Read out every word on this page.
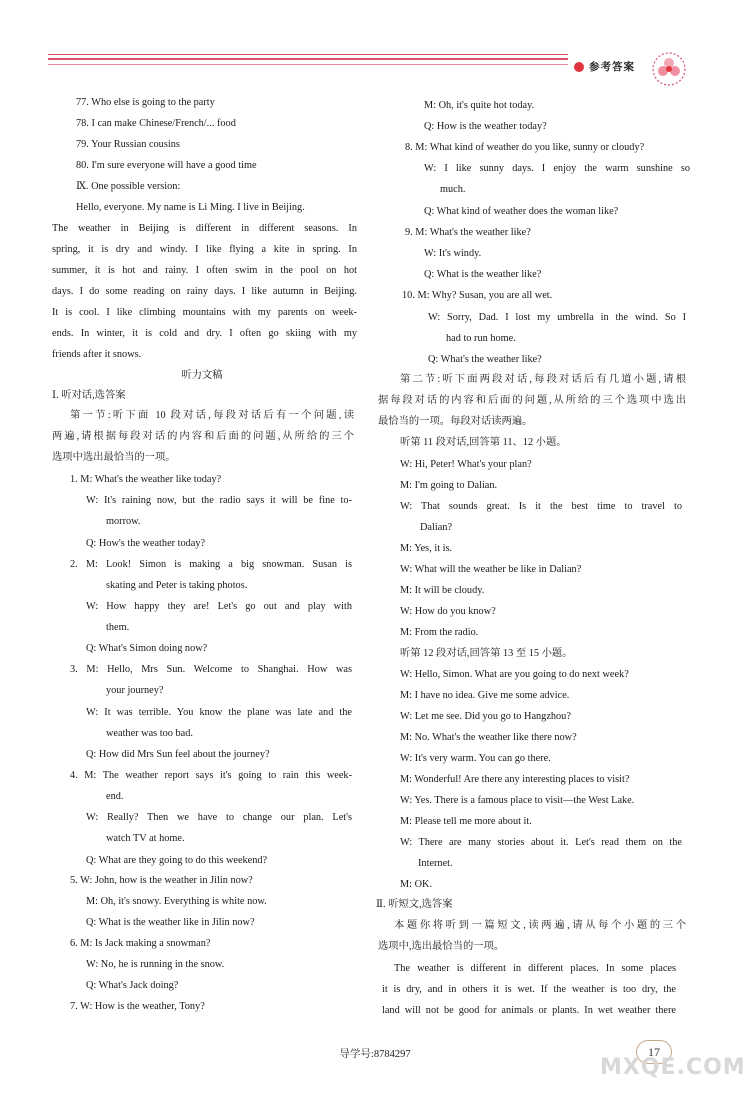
参考答案
77. Who else is going to the party
78. I can make Chinese/French/... food
79. Your Russian cousins
80. I'm sure everyone will have a good time
Ⅸ. One possible version:
Hello, everyone. My name is Li Ming. I live in Beijing.
The weather in Beijing is different in different seasons. In
spring, it is dry and windy. I like flying a kite in spring. In
summer, it is hot and rainy. I often swim in the pool on hot
days. I do some reading on rainy days. I like autumn in Beijing.
It is cool. I like climbing mountains with my parents on week-
ends. In winter, it is cold and dry. I often go skiing with my
friends after it snows.
听力文稿
Ⅰ. 听对话,选答案
第一节:听下面 10 段对话,每段对话后有一个问题,读
两遍,请根据每段对话的内容和后面的问题,从所给的三个
选项中选出最恰当的一项。
1. M: What's the weather like today?
W: It's raining now, but the radio says it will be fine to-
morrow.
Q: How's the weather today?
2. M: Look! Simon is making a big snowman. Susan is
skating and Peter is taking photos.
W: How happy they are! Let's go out and play with
them.
Q: What's Simon doing now?
3. M: Hello, Mrs Sun. Welcome to Shanghai. How was
your journey?
W: It was terrible. You know the plane was late and the
weather was too bad.
Q: How did Mrs Sun feel about the journey?
4. M: The weather report says it's going to rain this week-
end.
W: Really? Then we have to change our plan. Let's
watch TV at home.
Q: What are they going to do this weekend?
5. W: John, how is the weather in Jilin now?
M: Oh, it's snowy. Everything is white now.
Q: What is the weather like in Jilin now?
6. M: Is Jack making a snowman?
W: No, he is running in the snow.
Q: What's Jack doing?
7. W: How is the weather, Tony?
M: Oh, it's quite hot today.
Q: How is the weather today?
8. M: What kind of weather do you like, sunny or cloudy?
W: I like sunny days. I enjoy the warm sunshine so
much.
Q: What kind of weather does the woman like?
9. M: What's the weather like?
W: It's windy.
Q: What is the weather like?
10. M: Why? Susan, you are all wet.
W: Sorry, Dad. I lost my umbrella in the wind. So I
had to run home.
Q: What's the weather like?
第二节:听下面两段对话,每段对话后有几道小题,请根
据每段对话的内容和后面的问题,从所给的三个选项中选出
最恰当的一项。每段对话读两遍。
听第 11 段对话,回答第 11、12 小题。
W: Hi, Peter! What's your plan?
M: I'm going to Dalian.
W: That sounds great. Is it the best time to travel to
Dalian?
M: Yes, it is.
W: What will the weather be like in Dalian?
M: It will be cloudy.
W: How do you know?
M: From the radio.
听第 12 段对话,回答第 13 至 15 小题。
W: Hello, Simon. What are you going to do next week?
M: I have no idea. Give me some advice.
W: Let me see. Did you go to Hangzhou?
M: No. What's the weather like there now?
W: It's very warm. You can go there.
M: Wonderful! Are there any interesting places to visit?
W: Yes. There is a famous place to visit—the West Lake.
M: Please tell me more about it.
W: There are many stories about it. Let's read them on the
Internet.
M: OK.
Ⅱ. 听短文,选答案
本题你将听到一篇短文,读两遍,请从每个小题的三个
选项中,选出最恰当的一项。
The weather is different in different places. In some places
it is dry, and in others it is wet. If the weather is too dry, the
land will not be good for animals or plants. In wet weather there
导学号:8784297	17
MXQE.COM
